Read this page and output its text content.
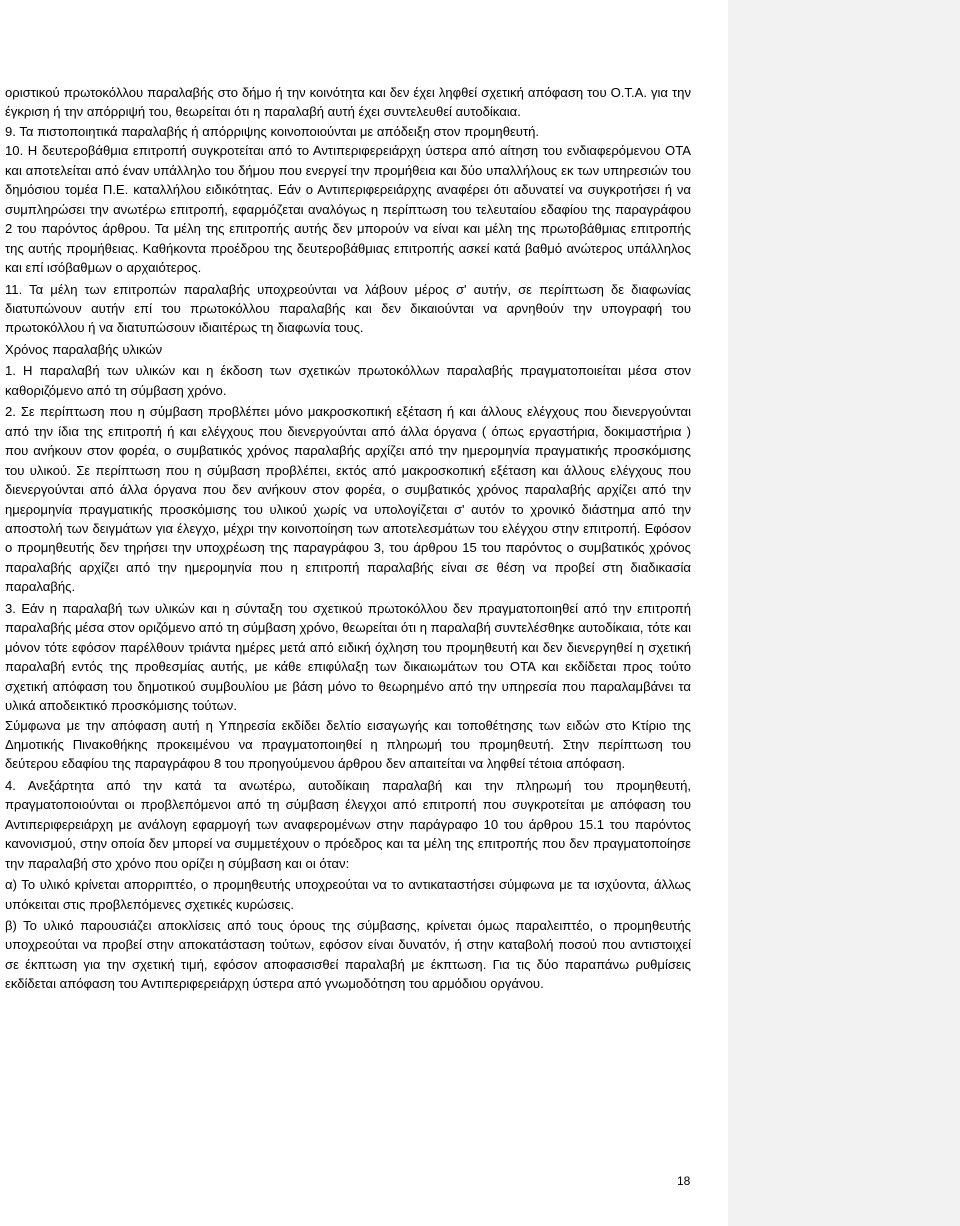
οριστικού πρωτοκόλλου παραλαβής στο δήμο ή την κοινότητα και δεν έχει ληφθεί σχετική απόφαση του Ο.Τ.Α. για την έγκριση ή την απόρριψή του, θεωρείται ότι η παραλαβή αυτή έχει συντελευθεί αυτοδίκαια.

9. Τα πιστοποιητικά παραλαβής ή απόρριψης κοινοποιούνται με απόδειξη στον προμηθευτή.

10. Η δευτεροβάθμια επιτροπή συγκροτείται από το Αντιπεριφερειάρχη ύστερα από αίτηση του ενδιαφερόμενου ΟΤΑ και αποτελείται από έναν υπάλληλο του δήμου που ενεργεί την προμήθεια και δύο υπαλλήλους εκ των υπηρεσιών του δημόσιου τομέα Π.Ε. καταλλήλου ειδικότητας. Εάν ο Αντιπεριφερειάρχης αναφέρει ότι αδυνατεί να συγκροτήσει ή να συμπληρώσει την ανωτέρω επιτροπή, εφαρμόζεται αναλόγως η περίπτωση του τελευταίου εδαφίου της παραγράφου 2 του παρόντος άρθρου. Τα μέλη της επιτροπής αυτής δεν μπορούν να είναι και μέλη της πρωτοβάθμιας επιτροπής της αυτής προμήθειας. Καθήκοντα προέδρου της δευτεροβάθμιας επιτροπής ασκεί κατά βαθμό ανώτερος υπάλληλος και επί ισόβαθμων ο αρχαιότερος.

11. Τα μέλη των επιτροπών παραλαβής υποχρεούνται να λάβουν μέρος σ' αυτήν, σε περίπτωση δε διαφωνίας διατυπώνουν αυτήν επί του πρωτοκόλλου παραλαβής και δεν δικαιούνται να αρνηθούν την υπογραφή του πρωτοκόλλου ή να διατυπώσουν ιδιαιτέρως τη διαφωνία τους.

Χρόνος παραλαβής υλικών

1. Η παραλαβή των υλικών και η έκδοση των σχετικών πρωτοκόλλων παραλαβής πραγματοποιείται μέσα στον καθοριζόμενο από τη σύμβαση χρόνο.

2. Σε περίπτωση που η σύμβαση προβλέπει μόνο μακροσκοπική εξέταση ή και άλλους ελέγχους που διενεργούνται από την ίδια της επιτροπή ή και ελέγχους που διενεργούνται από άλλα όργανα ( όπως εργαστήρια, δοκιμαστήρια ) που ανήκουν στον φορέα, ο συμβατικός χρόνος παραλαβής αρχίζει από την ημερομηνία πραγματικής προσκόμισης του υλικού. Σε περίπτωση που η σύμβαση προβλέπει, εκτός από μακροσκοπική εξέταση και άλλους ελέγχους που διενεργούνται από άλλα όργανα που δεν ανήκουν στον φορέα, ο συμβατικός χρόνος παραλαβής αρχίζει από την ημερομηνία πραγματικής προσκόμισης του υλικού χωρίς να υπολογίζεται σ' αυτόν το χρονικό διάστημα από την αποστολή των δειγμάτων για έλεγχο, μέχρι την κοινοποίηση των αποτελεσμάτων του ελέγχου στην επιτροπή. Εφόσον ο προμηθευτής δεν τηρήσει την υποχρέωση της παραγράφου 3, του άρθρου 15 του παρόντος ο συμβατικός χρόνος παραλαβής αρχίζει από την ημερομηνία που η επιτροπή παραλαβής είναι σε θέση να προβεί στη διαδικασία παραλαβής.

3. Εάν η παραλαβή των υλικών και η σύνταξη του σχετικού πρωτοκόλλου δεν πραγματοποιηθεί από την επιτροπή παραλαβής μέσα στον οριζόμενο από τη σύμβαση χρόνο, θεωρείται ότι η παραλαβή συντελέσθηκε αυτοδίκαια, τότε και μόνον τότε εφόσον παρέλθουν τριάντα ημέρες μετά από ειδική όχληση του προμηθευτή και δεν διενεργηθεί η σχετική παραλαβή εντός της προθεσμίας αυτής, με κάθε επιφύλαξη των δικαιωμάτων του ΟΤΑ και εκδίδεται προς τούτο σχετική απόφαση του δημοτικού συμβουλίου με βάση μόνο το θεωρημένο από την υπηρεσία που παραλαμβάνει τα υλικά αποδεικτικό προσκόμισης τούτων.

Σύμφωνα με την απόφαση αυτή η Υπηρεσία εκδίδει δελτίο εισαγωγής και τοποθέτησης των ειδών στο Κτίριο της Δημοτικής Πινακοθήκης προκειμένου να πραγματοποιηθεί η πληρωμή του προμηθευτή. Στην περίπτωση του δεύτερου εδαφίου της παραγράφου 8 του προηγούμενου άρθρου δεν απαιτείται να ληφθεί τέτοια απόφαση.

4. Ανεξάρτητα από την κατά τα ανωτέρω, αυτοδίκαιη παραλαβή και την πληρωμή του προμηθευτή, πραγματοποιούνται οι προβλεπόμενοι από τη σύμβαση έλεγχοι από επιτροπή που συγκροτείται με απόφαση του Αντιπεριφερειάρχη με ανάλογη εφαρμογή των αναφερομένων στην παράγραφο 10 του άρθρου 15.1 του παρόντος κανονισμού, στην οποία δεν μπορεί να συμμετέχουν ο πρόεδρος και τα μέλη της επιτροπής που δεν πραγματοποίησε την παραλαβή στο χρόνο που ορίζει η σύμβαση και οι όταν:

α) Το υλικό κρίνεται απορριπτέο, ο προμηθευτής υποχρεούται να το αντικαταστήσει σύμφωνα με τα ισχύοντα, άλλως υπόκειται στις προβλεπόμενες σχετικές κυρώσεις.

β) Το υλικό παρουσιάζει αποκλίσεις από τους όρους της σύμβασης, κρίνεται όμως παραλειπτέο, ο προμηθευτής υποχρεούται να προβεί στην αποκατάσταση τούτων, εφόσον είναι δυνατόν, ή στην καταβολή ποσού που αντιστοιχεί σε έκπτωση για την σχετική τιμή, εφόσον αποφασισθεί παραλαβή με έκπτωση. Για τις δύο παραπάνω ρυθμίσεις εκδίδεται απόφαση του Αντιπεριφερειάρχη ύστερα από γνωμοδότηση του αρμόδιου οργάνου.

18
